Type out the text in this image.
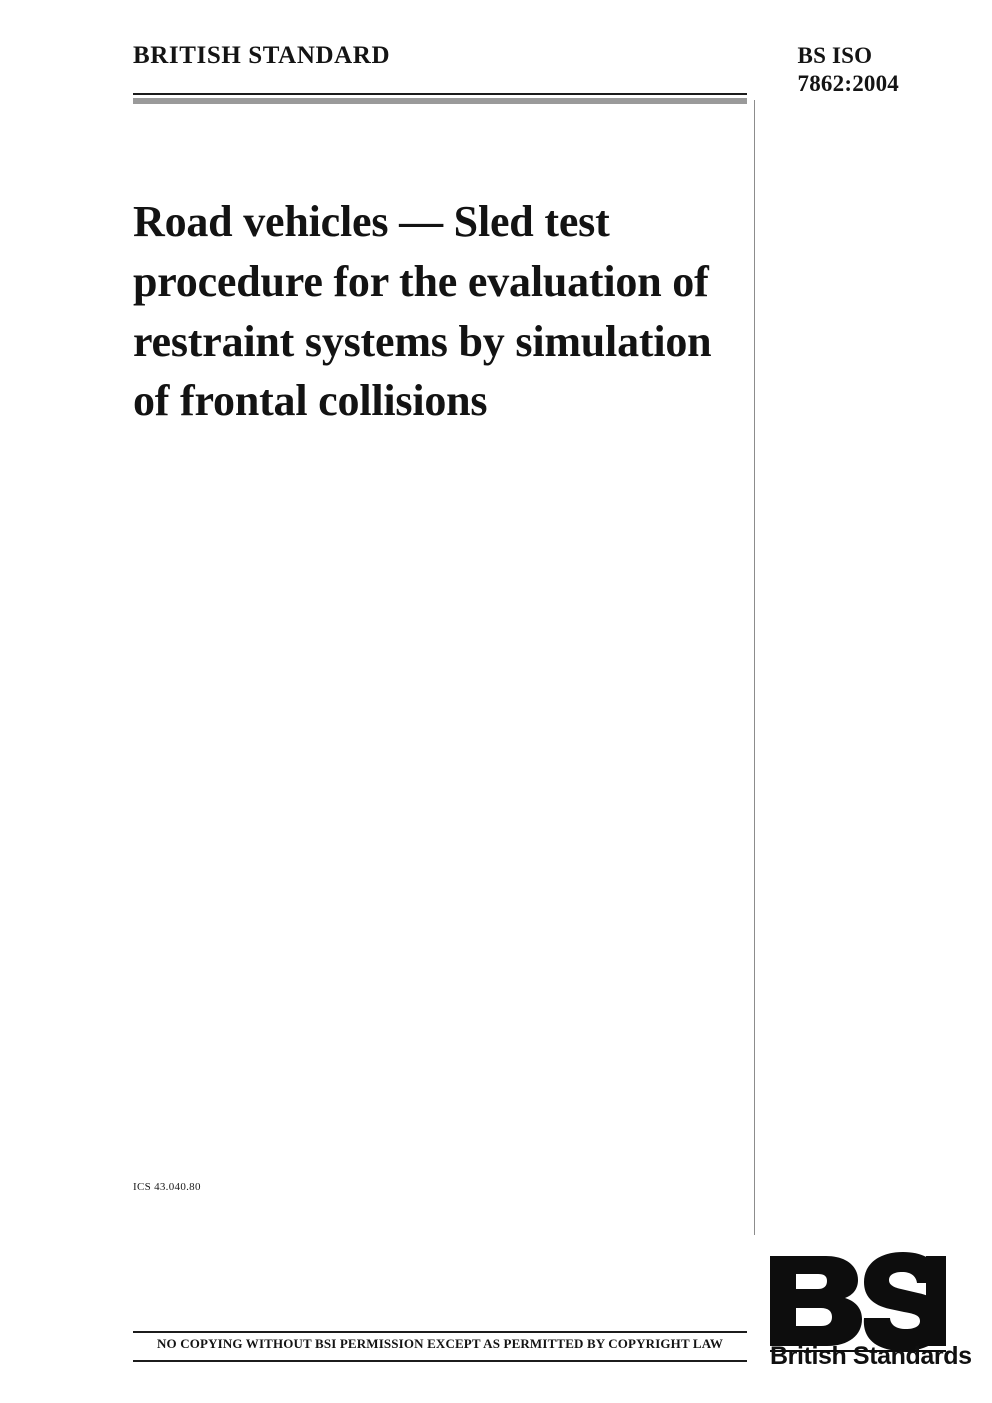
BRITISH STANDARD	BS ISO
7862:2004
Road vehicles — Sled test procedure for the evaluation of restraint systems by simulation of frontal collisions
ICS 43.040.80
NO COPYING WITHOUT BSI PERMISSION EXCEPT AS PERMITTED BY COPYRIGHT LAW	British Standards
